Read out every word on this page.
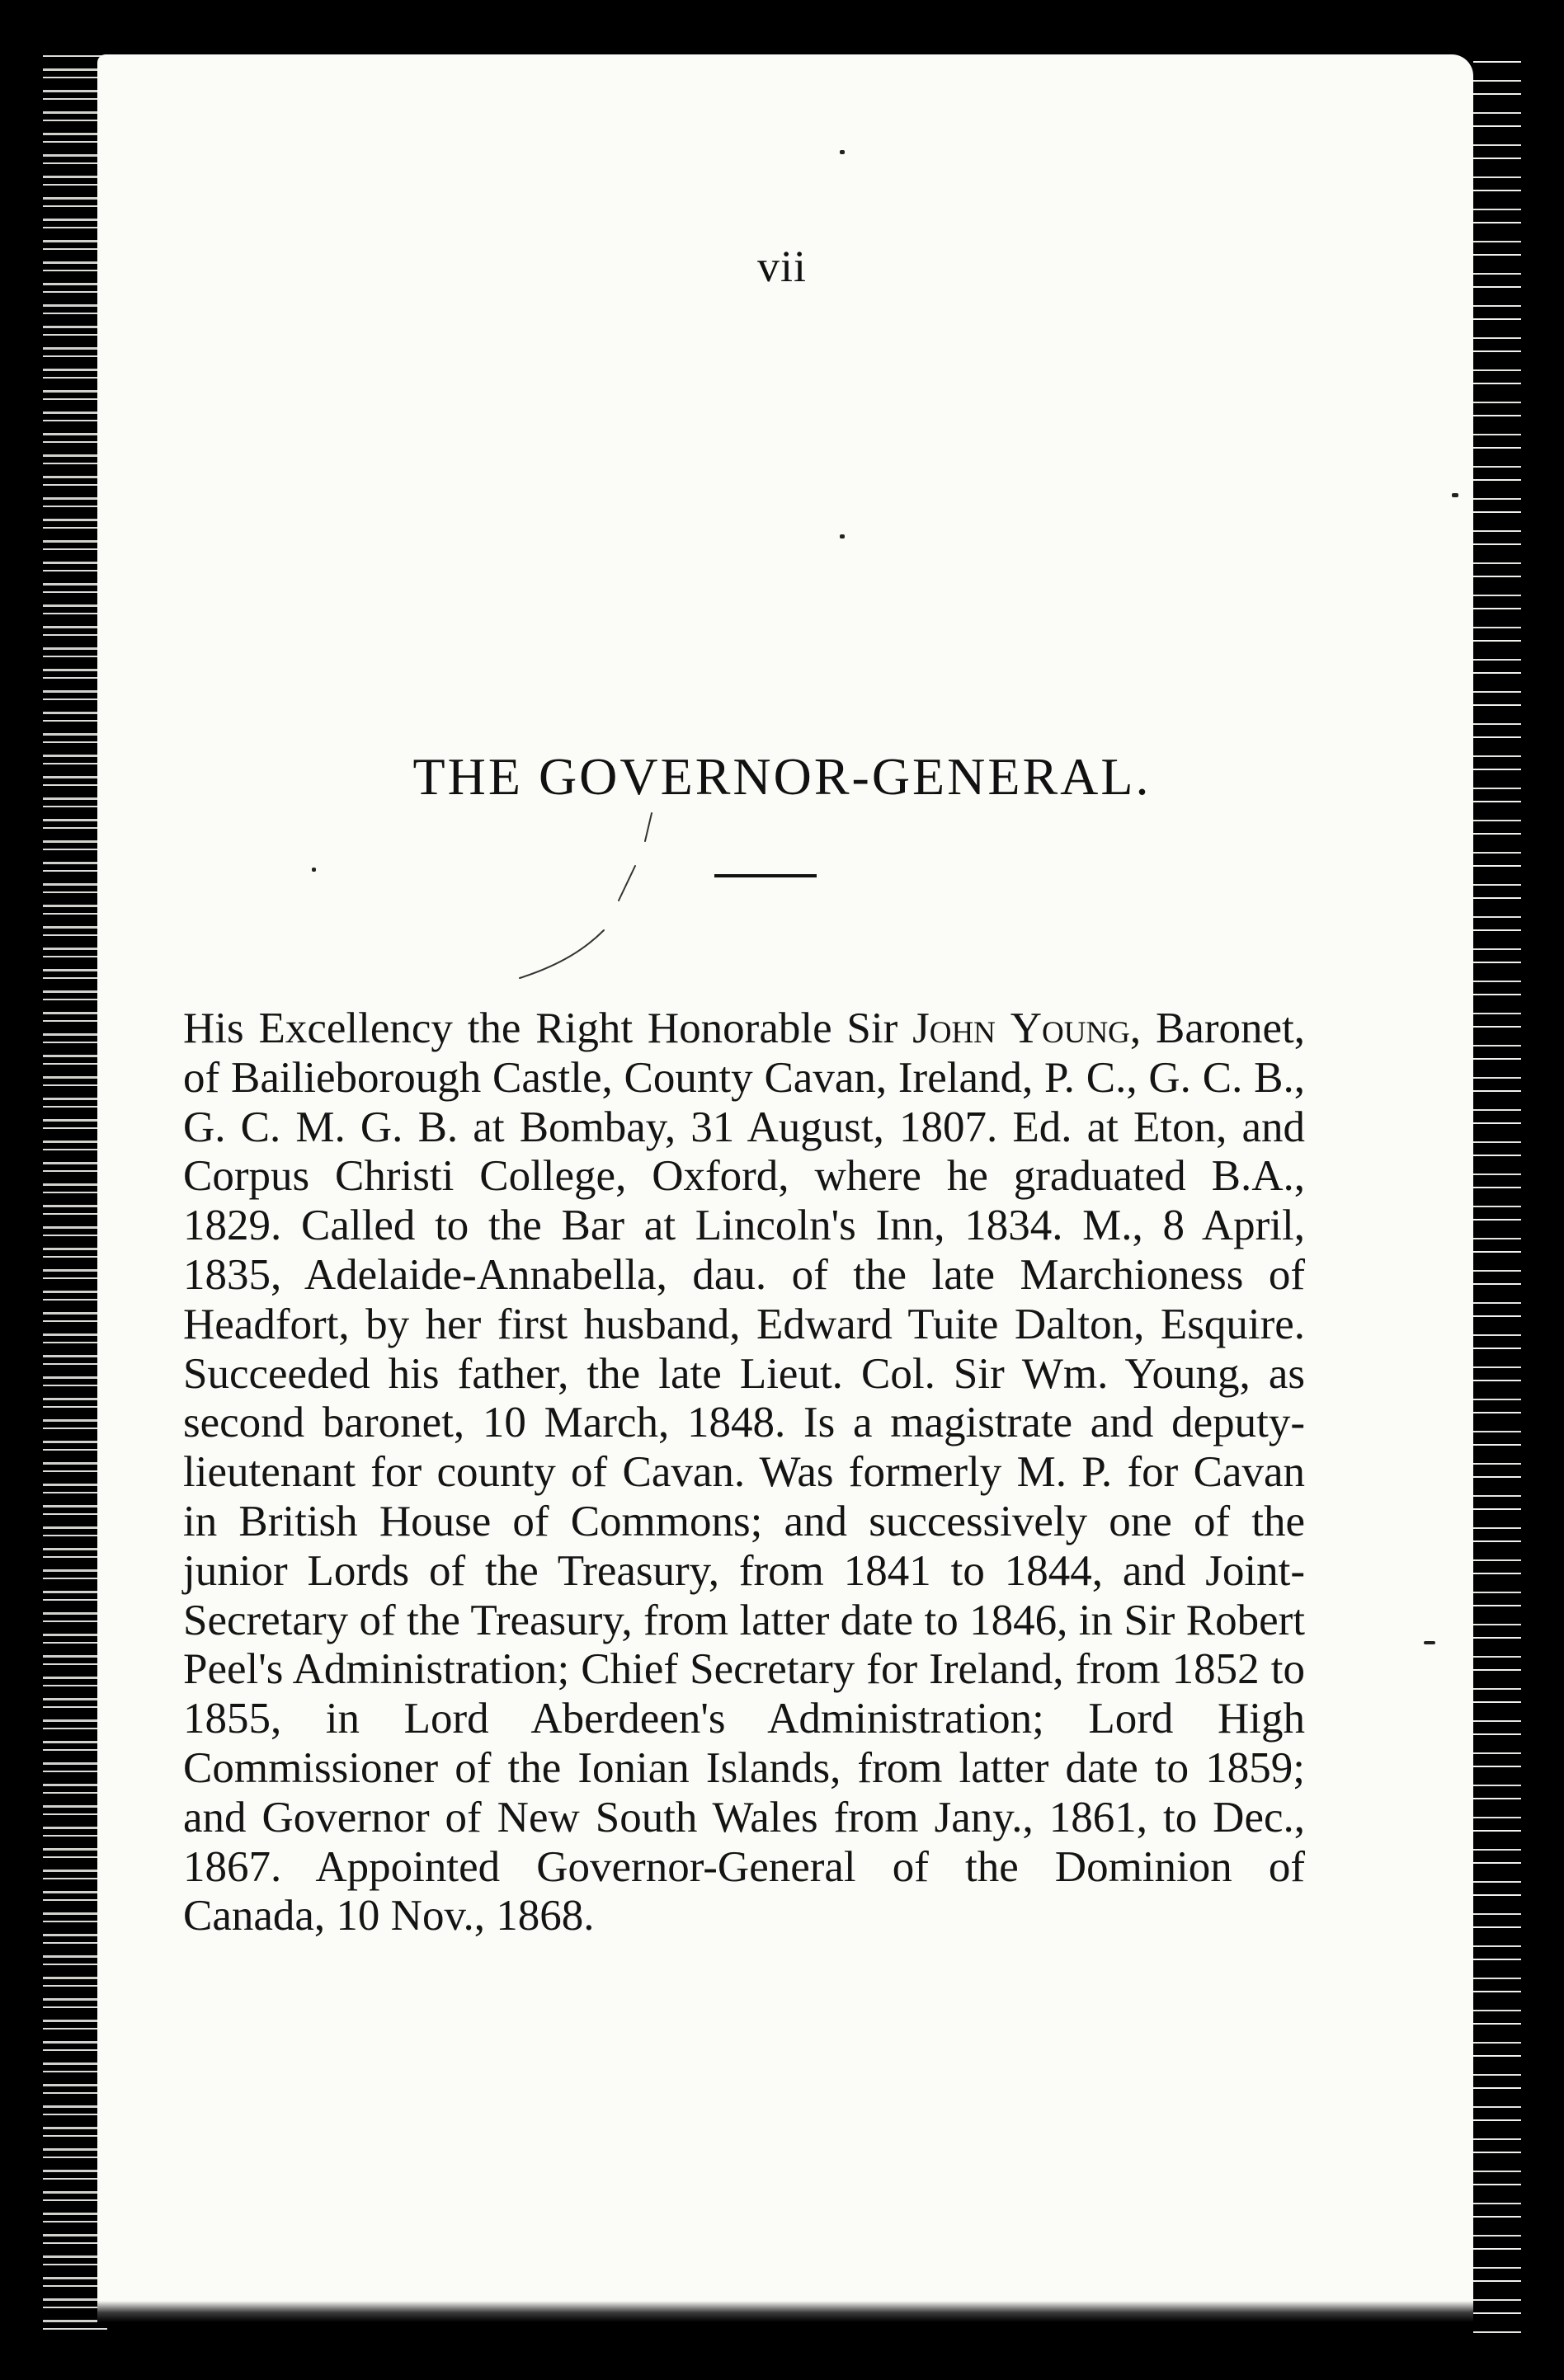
vii
THE GOVERNOR-GENERAL.

His Excellency the Right Honorable Sir John Young, Baronet, of Bailieborough Castle, County Cavan, Ireland, P. C., G. C. B., G. C. M. G. B. at Bombay, 31 August, 1807. Ed. at Eton, and Corpus Christi College, Oxford, where he graduated B.A., 1829. Called to the Bar at Lincoln's Inn, 1834. M., 8 April, 1835, Adelaide-Annabella, dau. of the late Marchioness of Headfort, by her first husband, Edward Tuite Dalton, Esquire. Succeeded his father, the late Lieut. Col. Sir Wm. Young, as second baronet, 10 March, 1848. Is a magistrate and deputy-lieutenant for county of Cavan. Was formerly M. P. for Cavan in British House of Commons; and successively one of the junior Lords of the Treasury, from 1841 to 1844, and Joint-Secretary of the Treasury, from latter date to 1846, in Sir Robert Peel's Administration; Chief Secretary for Ireland, from 1852 to 1855, in Lord Aberdeen's Administration; Lord High Commissioner of the Ionian Islands, from latter date to 1859; and Governor of New South Wales from Jany., 1861, to Dec., 1867. Appointed Governor-General of the Dominion of Canada, 10 Nov., 1868.
